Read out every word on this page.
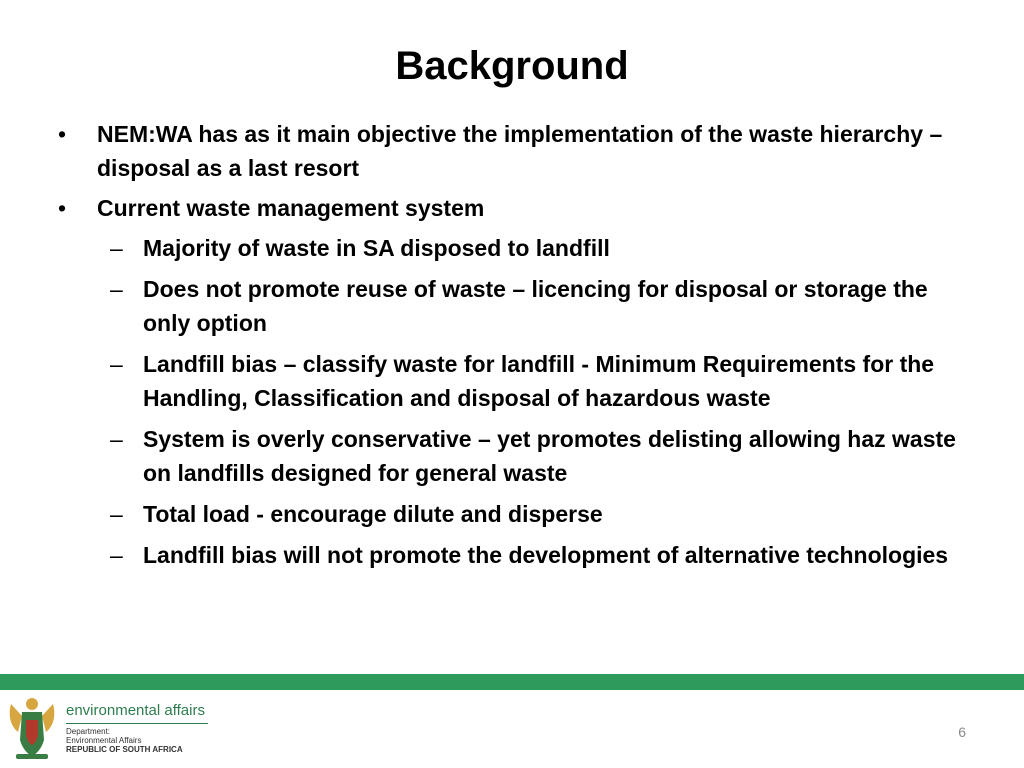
Background
• NEM:WA has as it main objective the implementation of the waste hierarchy – disposal as a last resort
• Current waste management system
– Majority of waste in SA disposed to landfill
– Does not promote reuse of waste – licencing for disposal or storage the only option
– Landfill bias – classify waste for landfill - Minimum Requirements for the Handling, Classification and disposal of hazardous waste
– System is overly conservative – yet promotes delisting allowing haz waste on landfills designed for general waste
– Total load - encourage dilute and disperse
– Landfill bias will not promote the development of alternative technologies
environmental affairs
Department:
Environmental Affairs
REPUBLIC OF SOUTH AFRICA
6
